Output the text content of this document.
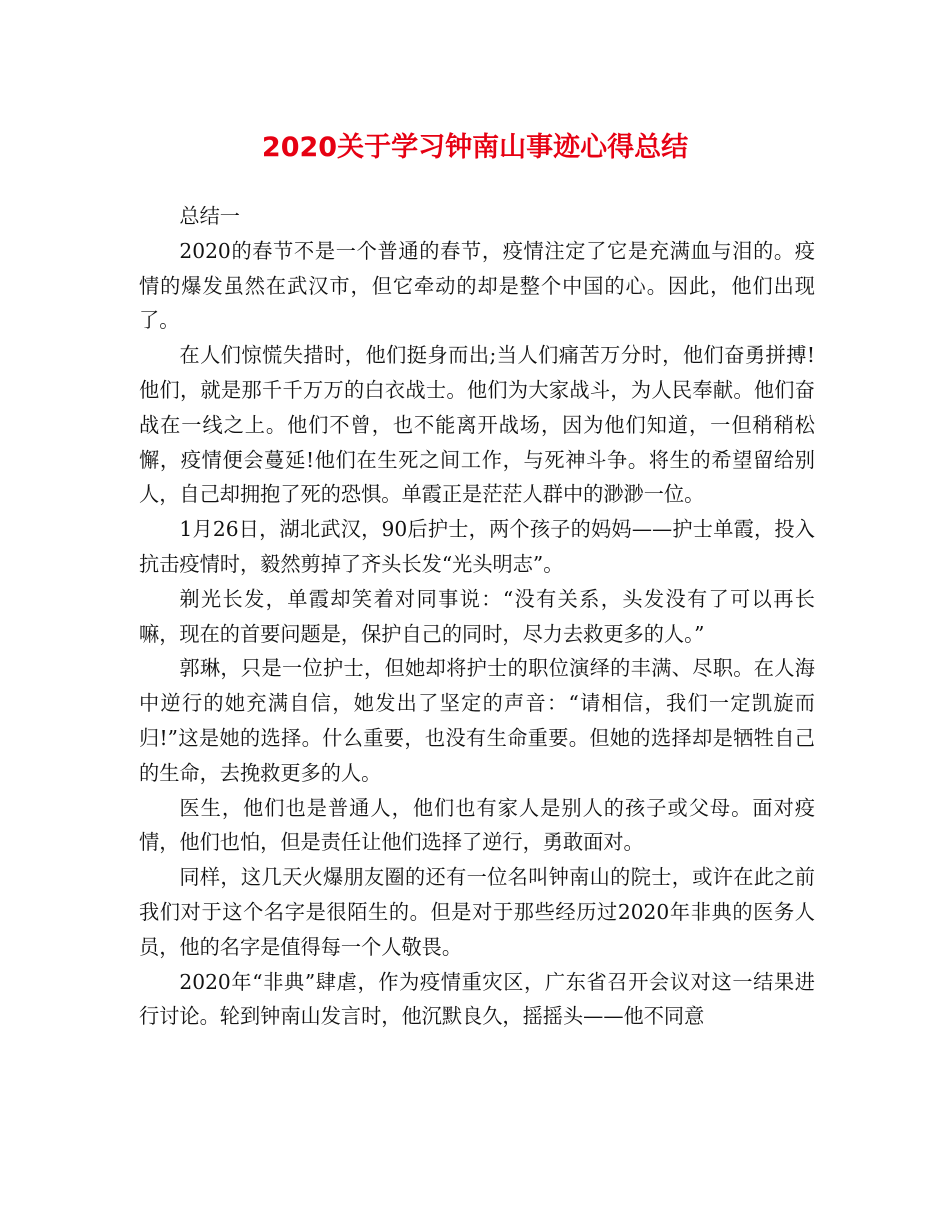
2020关于学习钟南山事迹心得总结

总结一

2020的春节不是一个普通的春节，疫情注定了它是充满血与泪的。疫情的爆发虽然在武汉市，但它牵动的却是整个中国的心。因此，他们出现了。

在人们惊慌失措时，他们挺身而出;当人们痛苦万分时，他们奋勇拼搏!他们，就是那千千万万的白衣战士。他们为大家战斗，为人民奉献。他们奋战在一线之上。他们不曾，也不能离开战场，因为他们知道，一但稍稍松懈，疫情便会蔓延!他们在生死之间工作，与死神斗争。将生的希望留给别人，自己却拥抱了死的恐惧。单霞正是茫茫人群中的渺渺一位。

1月26日，湖北武汉，90后护士，两个孩子的妈妈——护士单霞，投入抗击疫情时，毅然剪掉了齐头长发“光头明志”。

剃光长发，单霞却笑着对同事说：“没有关系，头发没有了可以再长嘛，现在的首要问题是，保护自己的同时，尽力去救更多的人。”

郭琳，只是一位护士，但她却将护士的职位演绎的丰满、尽职。在人海中逆行的她充满自信，她发出了坚定的声音：“请相信，我们一定凯旋而归!”这是她的选择。什么重要，也没有生命重要。但她的选择却是牺牲自己的生命，去挽救更多的人。

医生，他们也是普通人，他们也有家人是别人的孩子或父母。面对疫情，他们也怕，但是责任让他们选择了逆行，勇敢面对。

同样，这几天火爆朋友圈的还有一位名叫钟南山的院士，或许在此之前我们对于这个名字是很陌生的。但是对于那些经历过2020年非典的医务人员，他的名字是值得每一个人敬畏。

2020年“非典”肆虐，作为疫情重灾区，广东省召开会议对这一结果进行讨论。轮到钟南山发言时，他沉默良久，摇摇头——他不同意
